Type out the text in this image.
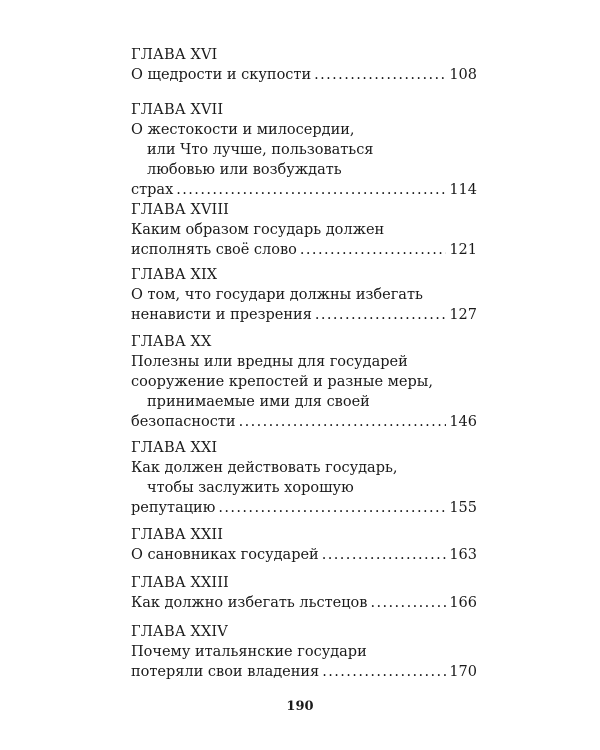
ГЛАВА XVI

О щедрости и скупости . . .	108

ГЛАВА XVII

О жестокости и милосердии,

или Что лучше, пользоваться

любовью или возбуждать

страх . . .	114

ГЛАВА XVIII

Каким образом государь должен

исполнять своё слово . . .	121

ГЛАВА XIX

О том, что государи должны избегать

ненависти и презрения . . .	127

ГЛАВА XX

Полезны или вредны для государей

сооружение крепостей и разные меры,

принимаемые ими для своей

безопасности . . .	146

ГЛАВА XXI

Как должен действовать государь,

чтобы заслужить хорошую

репутацию . . .	155

ГЛАВА XXII

О сановниках государей . . .	163

ГЛАВА XXIII

Как должно избегать льстецов . . .	166

ГЛАВА XXIV

Почему итальянские государи

потеряли свои владения . . .	170
190
